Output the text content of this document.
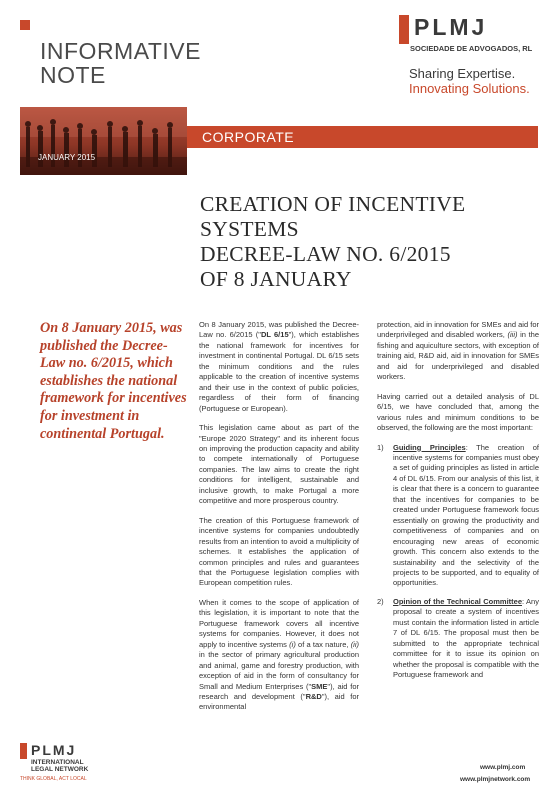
INFORMATIVE
NOTE
PLMJ
SOCIEDADE DE ADVOGADOS, RL
Sharing Expertise.
Innovating Solutions.
JANUARY 2015
CORPORATE
CREATION OF INCENTIVE SYSTEMS
DECREE-LAW NO. 6/2015
OF 8 JANUARY
On 8 January 2015, was published the Decree-Law no. 6/2015, which establishes the national framework for incentives for investment in continental Portugal.

On 8 January 2015, was published the Decree-Law no. 6/2015 ("DL 6/15"), which establishes the national framework for incentives for investment in continental Portugal. DL 6/15 sets the minimum conditions and the rules applicable to the creation of incentive systems and their use in the context of public policies, regardless of their form of financing (Portuguese or European).

This legislation came about as part of the "Europe 2020 Strategy" and its inherent focus on improving the production capacity and ability to compete internationally of Portuguese companies. The law aims to create the right conditions for intelligent, sustainable and inclusive growth, to make Portugal a more competitive and more prosperous country.

The creation of this Portuguese framework of incentive systems for companies undoubtedly results from an intention to avoid a multiplicity of schemes. It establishes the application of common principles and rules and guarantees that the Portuguese legislation complies with European competition rules.

When it comes to the scope of application of this legislation, it is important to note that the Portuguese framework covers all incentive systems for companies. However, it does not apply to incentive systems (i) of a tax nature, (ii) in the sector of primary agricultural production and animal, game and forestry production, with exception of aid in the form of consultancy for Small and Medium Enterprises ("SME"), aid for research and development ("R&D"), aid for environmental

protection, aid in innovation for SMEs and aid for underprivileged and disabled workers, (iii) in the fishing and aquiculture sectors, with exception of training aid, R&D aid, aid in innovation for SMEs and aid for underprivileged and disabled workers.

Having carried out a detailed analysis of DL 6/15, we have concluded that, among the various rules and minimum conditions to be observed, the following are the most important:

1) Guiding Principles: The creation of incentive systems for companies must obey a set of guiding principles as listed in article 4 of DL 6/15. From our analysis of this list, it is clear that there is a concern to guarantee that the incentives for companies to be created under Portuguese framework focus essentially on growing the productivity and competitiveness of companies and on encouraging new areas of economic growth. This concern also extends to the sustainability and the selectivity of the projects to be supported, and to equality of opportunities.
2) Opinion of the Technical Committee: Any proposal to create a system of incentives must contain the information listed in article 7 of DL 6/15. The proposal must then be submitted to the appropriate technical committee for it to issue its opinion on whether the proposal is compatible with the Portuguese framework and
PLMJ
INTERNATIONAL
LEGAL NETWORK
THINK GLOBAL, ACT LOCAL
www.plmj.com
www.plmjnetwork.com
